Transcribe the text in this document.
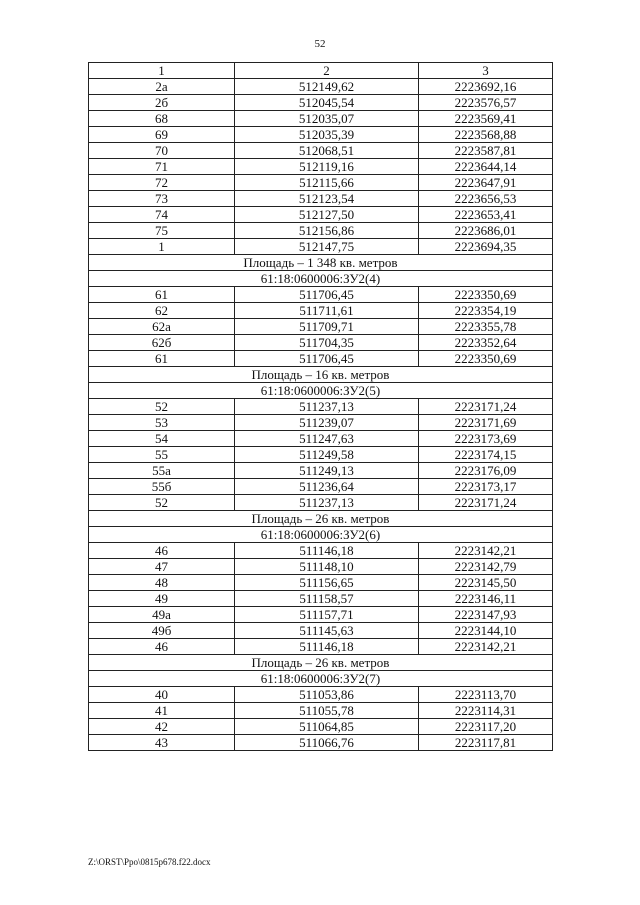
52
1	2	3
2а	512149,62	2223692,16
2б	512045,54	2223576,57
68	512035,07	2223569,41
69	512035,39	2223568,88
70	512068,51	2223587,81
71	512119,16	2223644,14
72	512115,66	2223647,91
73	512123,54	2223656,53
74	512127,50	2223653,41
75	512156,86	2223686,01
1	512147,75	2223694,35
Площадь – 1 348 кв. метров		
61:18:0600006:ЗУ2(4)		
61	511706,45	2223350,69
62	511711,61	2223354,19
62а	511709,71	2223355,78
62б	511704,35	2223352,64
61	511706,45	2223350,69
Площадь – 16 кв. метров		
61:18:0600006:ЗУ2(5)		
52	511237,13	2223171,24
53	511239,07	2223171,69
54	511247,63	2223173,69
55	511249,58	2223174,15
55а	511249,13	2223176,09
55б	511236,64	2223173,17
52	511237,13	2223171,24
Площадь – 26 кв. метров		
61:18:0600006:ЗУ2(6)		
46	511146,18	2223142,21
47	511148,10	2223142,79
48	511156,65	2223145,50
49	511158,57	2223146,11
49а	511157,71	2223147,93
49б	511145,63	2223144,10
46	511146,18	2223142,21
Площадь – 26 кв. метров		
61:18:0600006:ЗУ2(7)		
40	511053,86	2223113,70
41	511055,78	2223114,31
42	511064,85	2223117,20
43	511066,76	2223117,81
Z:\ORST\Ppo\0815p678.f22.docx
